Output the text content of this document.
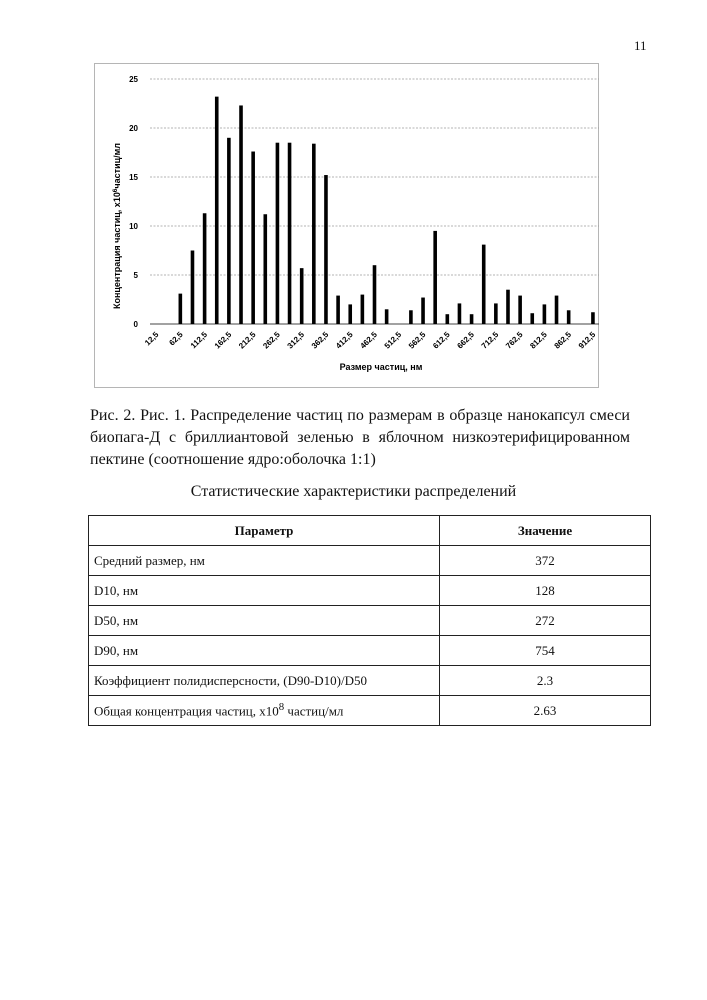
11
0
5
10
15
20
25
12,5 62,5 112,5 162,5 212,5 262,5 312,5 362,5 412,5 462,5 512,5 562,5 612,5 662,5 712,5 762,5 812,5 862,5 912,5
Концентрация частиц, x106частиц/мл
Размер частиц, нм
Рис. 2. Рис. 1. Распределение частиц по размерам в образце нанокапсул смеси биопага-Д с бриллиантовой зеленью в яблочном низкоэтерифицированном пектине (соотношение ядро:оболочка 1:1)
Статистические характеристики распределений
Параметр	Значение
Средний размер, нм	372
D10, нм	128
D50, нм	272
D90, нм	754
Коэффициент полидисперсности, (D90-D10)/D50	2.3
Общая концентрация частиц, x108 частиц/мл	2.63
